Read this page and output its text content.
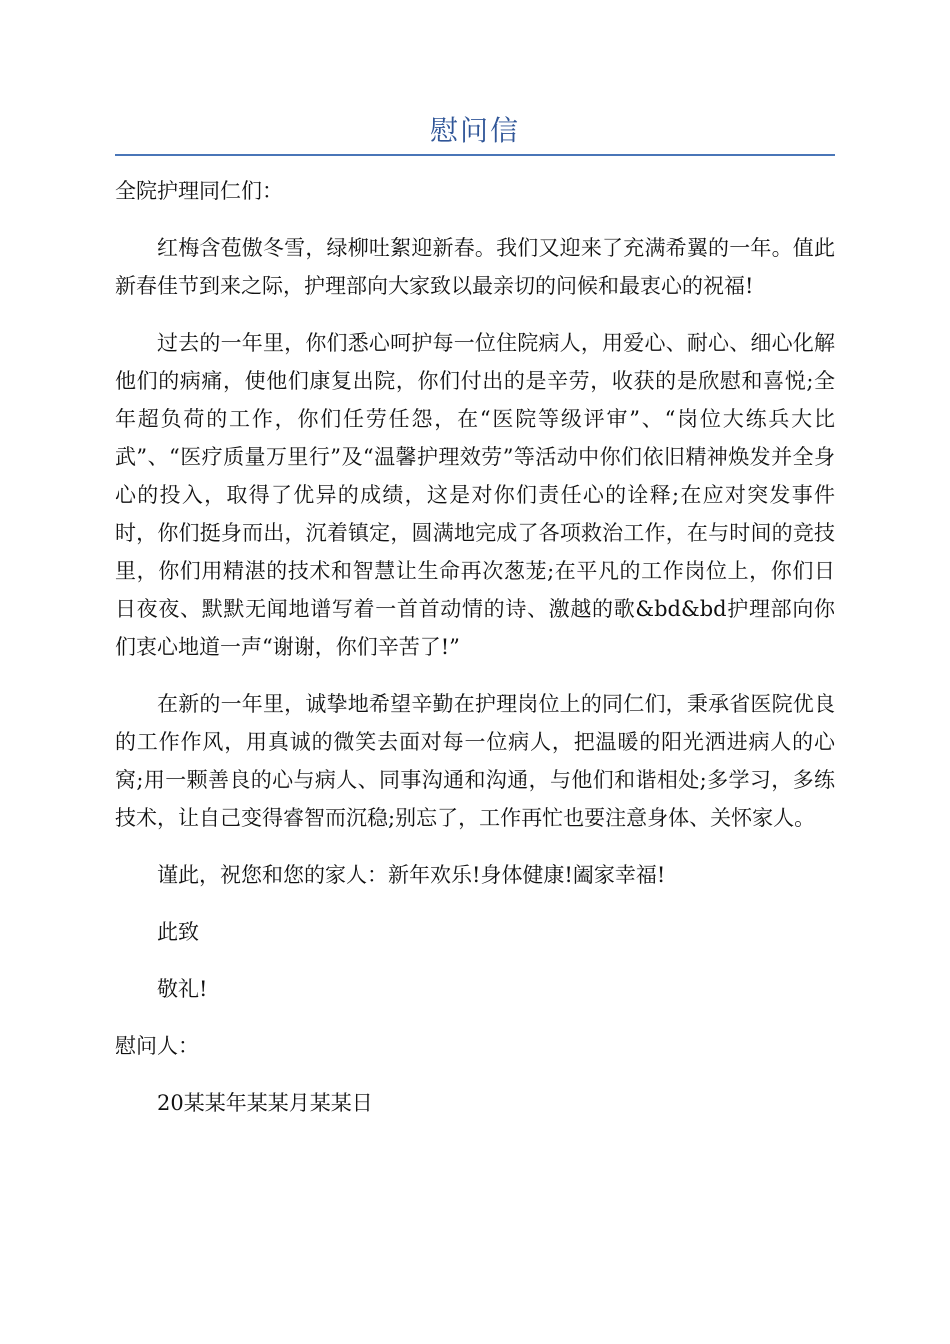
慰问信

全院护理同仁们：

红梅含苞傲冬雪，绿柳吐絮迎新春。我们又迎来了充满希翼的一年。值此新春佳节到来之际，护理部向大家致以最亲切的问候和最衷心的祝福!

过去的一年里，你们悉心呵护每一位住院病人，用爱心、耐心、细心化解他们的病痛，使他们康复出院，你们付出的是辛劳，收获的是欣慰和喜悦;全年超负荷的工作，你们任劳任怨，在“医院等级评审”、“岗位大练兵大比武”、“医疗质量万里行”及“温馨护理效劳”等活动中你们依旧精神焕发并全身心的投入，取得了优异的成绩，这是对你们责任心的诠释;在应对突发事件时，你们挺身而出，沉着镇定，圆满地完成了各项救治工作，在与时间的竞技里，你们用精湛的技术和智慧让生命再次葱茏;在平凡的工作岗位上，你们日日夜夜、默默无闻地谱写着一首首动情的诗、激越的歌&bd&bd护理部向你们衷心地道一声“谢谢，你们辛苦了!”

在新的一年里，诚挚地希望辛勤在护理岗位上的同仁们，秉承省医院优良的工作作风，用真诚的微笑去面对每一位病人，把温暖的阳光洒进病人的心窝;用一颗善良的心与病人、同事沟通和沟通，与他们和谐相处;多学习，多练技术，让自己变得睿智而沉稳;别忘了，工作再忙也要注意身体、关怀家人。

谨此，祝您和您的家人：新年欢乐!身体健康!阖家幸福!

此致

敬礼!

慰问人：

20某某年某某月某某日
